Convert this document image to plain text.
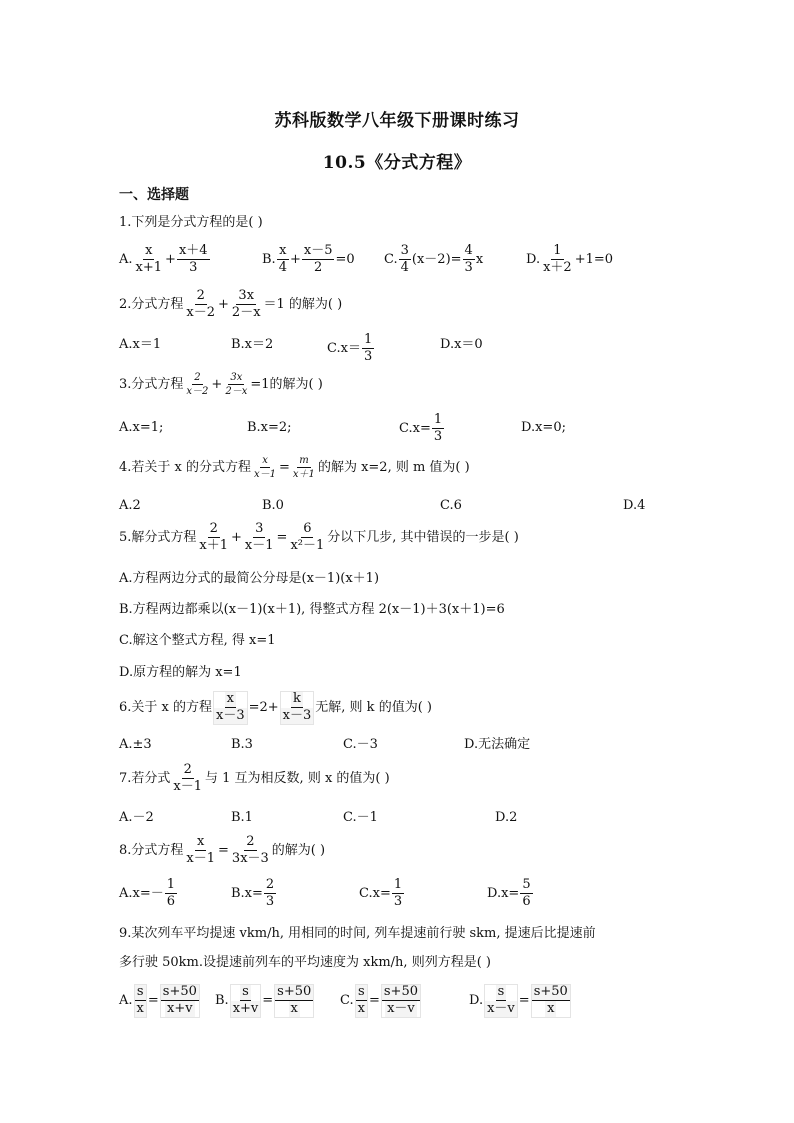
苏科版数学八年级下册课时练习
10.5《分式方程》
一、选择题
1.下列是分式方程的是( )
A. $\frac{x}{x+1} + \frac{x+4}{3}$	B. $\frac{x}{4} + \frac{x-5}{2} =0$ C. $\frac{3}{4} (x-2)= \frac{4}{3}$ x	D. $\frac{1}{x+2} +1=0$
2.分式方程 $\frac{2}{x-2} + \frac{3x}{2-x} =1$ 的解为( )
A.x＝1	B.x＝2	$C.x= \frac{1}{3}$	D.x＝0
3.分式方程 $\frac{2}{x-2} + \frac{3x}{2-x} =1$的解为( )
A.x=1;	B.x=2;	$C.x= \frac{1}{3}$	D.x=0;
4.若关于 x 的分式方程 $\frac{x}{x-1} = \frac{m}{x+1}$ 的解为 x=2, 则 m 值为( )
A.2	B.0	C.6	D.4
5.解分式方程 $\frac{2}{x+1} + \frac{3}{x-1} = \frac{6}{\text{x²－1}}$ 分以下几步, 其中错误的一步是( )
A.方程两边分式的最简公分母是(x－1)(x＋1)
B.方程两边都乘以(x－1)(x＋1), 得整式方程 2(x－1)＋3(x＋1)=6
C.解这个整式方程, 得 x=1
D.原方程的解为 x=1
6.关于 x 的方程 $\frac{x}{x-3} =2+ \frac{k}{x-3}$ 无解, 则 k 的值为( )
A.±3	B.3	C.－3	D.无法确定
7.若分式 $\frac{2}{x-1}$ 与 1 互为相反数, 则 x 的值为( )
A.－2	B.1	C.－1	D.2
8.分式方程 $\frac{x}{x-1} = \frac{2}{3x-3}$ 的解为( )
$A.x=- \frac{1}{6}$	$B.x= \frac{2}{3}$	$C.x= \frac{1}{3}$	$D.x= \frac{5}{6}$
9.某次列车平均提速 vkm/h, 用相同的时间, 列车提速前行驶 skm, 提速后比提速前
多行驶 50km.设提速前列车的平均速度为 xkm/h, 则列方程是( )
A. $\frac{s}{x} = \frac{s+50}{x+v} B$. $\frac{s}{x+v} = \frac{s+50}{x} C$. $\frac{s}{x} = \frac{s+50}{x-v}$	D. $\frac{s}{x-v} = \frac{s+50}{x}$
